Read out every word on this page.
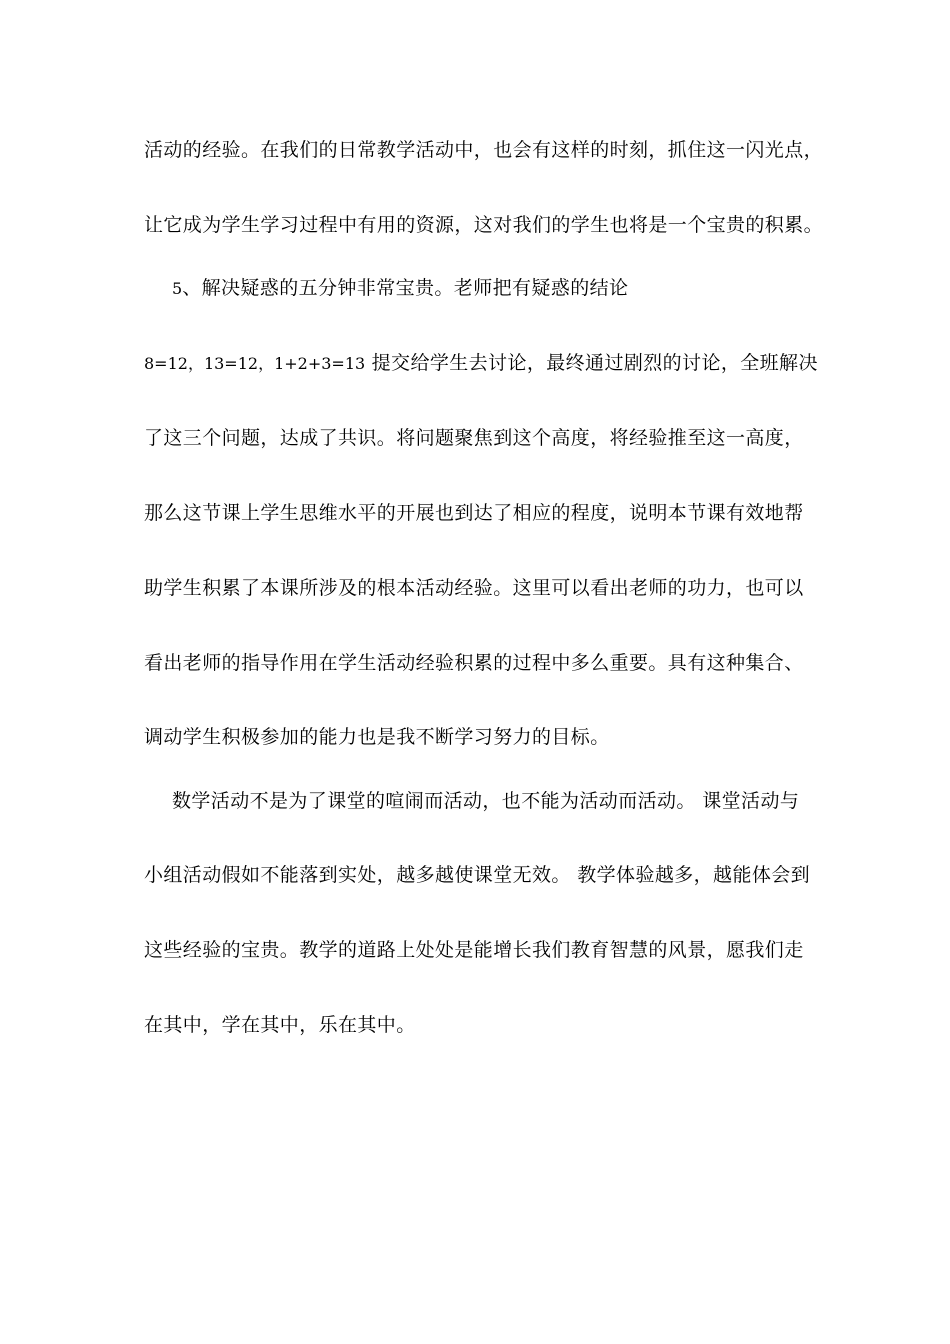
活动的经验。在我们的日常教学活动中，也会有这样的时刻，抓住这一闪光点，
让它成为学生学习过程中有用的资源，这对我们的学生也将是一个宝贵的积累。
5、解决疑惑的五分钟非常宝贵。老师把有疑惑的结论
8=12，13=12，1+2+3=13 提交给学生去讨论，最终通过剧烈的讨论，全班解决
了这三个问题，达成了共识。将问题聚焦到这个高度，将经验推至这一高度，
那么这节课上学生思维水平的开展也到达了相应的程度，说明本节课有效地帮
助学生积累了本课所涉及的根本活动经验。这里可以看出老师的功力，也可以
看出老师的指导作用在学生活动经验积累的过程中多么重要。具有这种集合、
调动学生积极参加的能力也是我不断学习努力的目标。
数学活动不是为了课堂的喧闹而活动，也不能为活动而活动。 课堂活动与
小组活动假如不能落到实处，越多越使课堂无效。 教学体验越多，越能体会到
这些经验的宝贵。教学的道路上处处是能增长我们教育智慧的风景，愿我们走
在其中，学在其中，乐在其中。
